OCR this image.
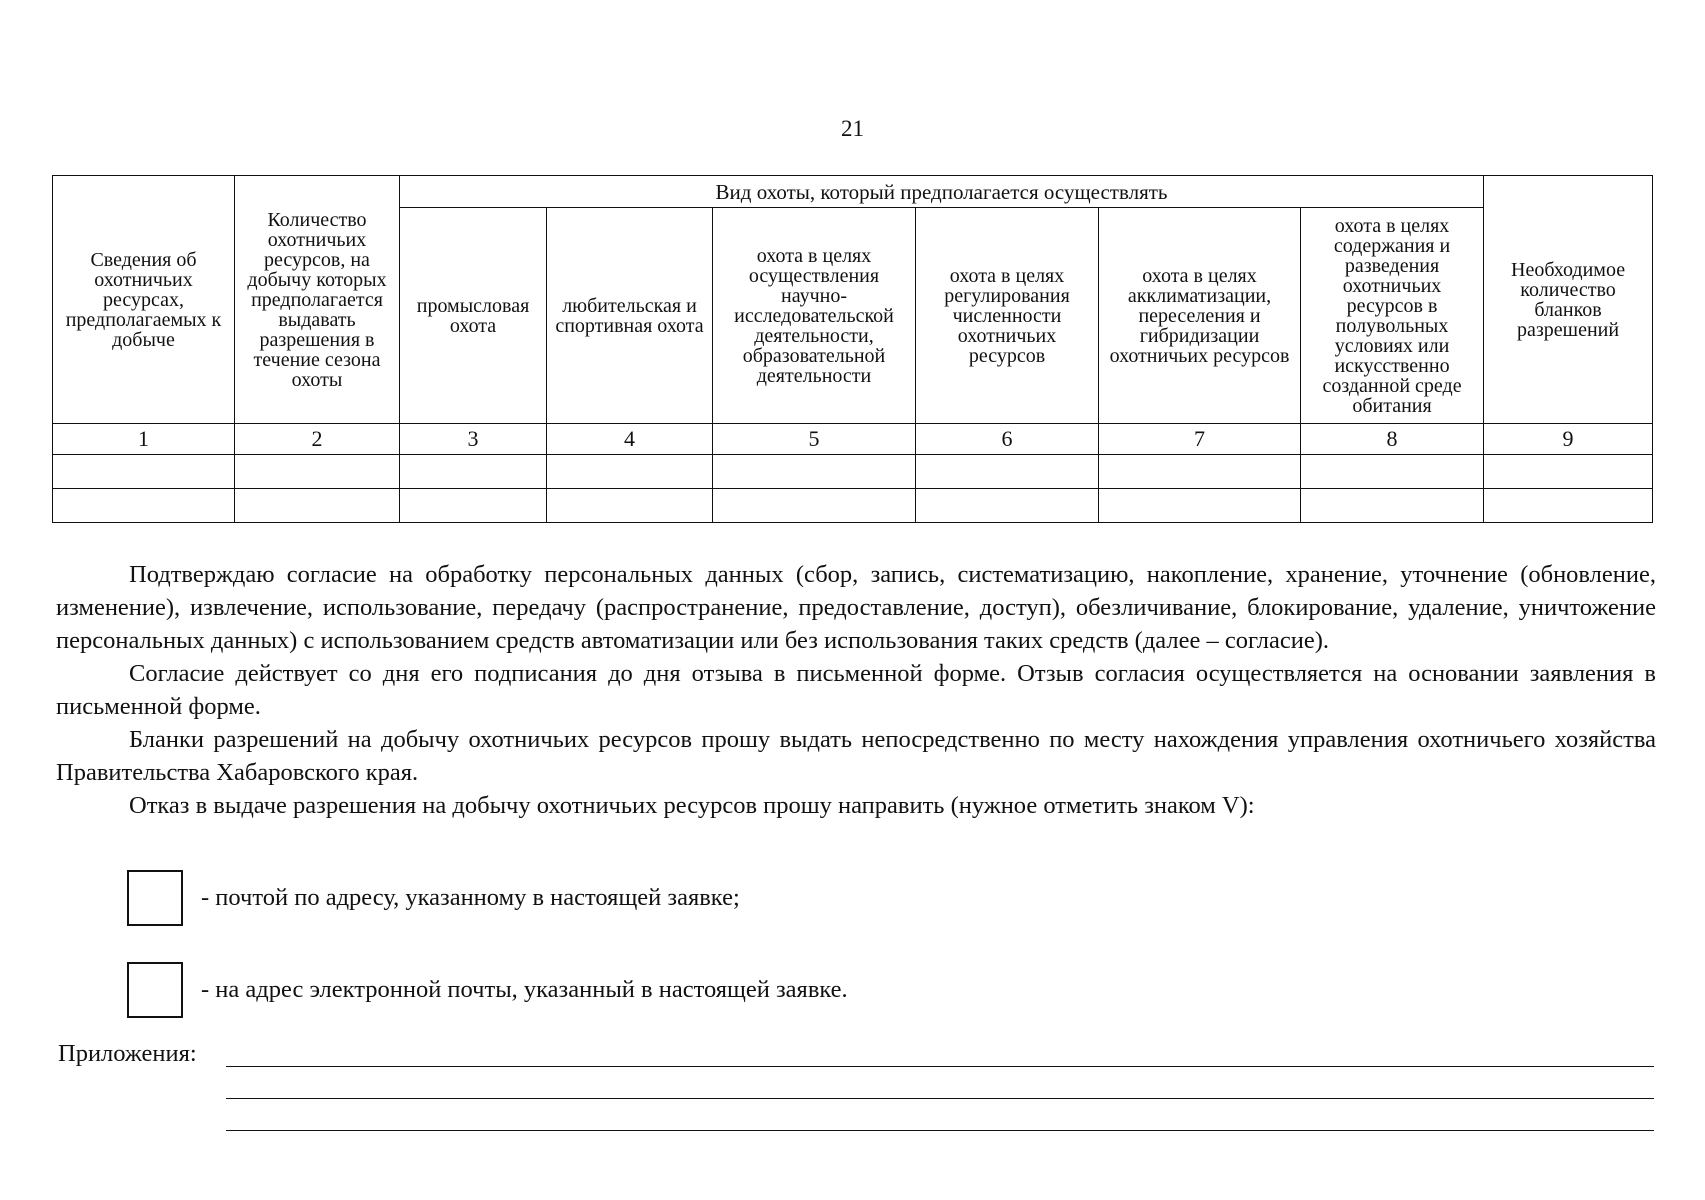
21
Сведения об охотничьих ресурсах, предполагаемых к добыче	Количество охотничьих ресурсов, на добычу которых предполагается выдавать разрешения в течение сезона охоты	Вид охоты, который предполагается осуществлять						Необходимое количество бланков разрешений
		промысловая охота	любительская и спортивная охота	охота в целях осуществления научно-исследовательской деятельности, образовательной деятельности	охота в целях регулирования численности охотничьих ресурсов	охота в целях акклиматизации, переселения и гибридизации охотничьих ресурсов	охота в целях содержания и разведения охотничьих ресурсов в полувольных условиях или искусственно созданной среде обитания	
1	2	3	4	5	6	7	8	9

Подтверждаю согласие на обработку персональных данных (сбор, запись, систематизацию, накопление, хранение, уточнение (обновление, изменение), извлечение, использование, передачу (распространение, предоставление, доступ), обезличивание, блокирование, удаление, уничтожение персональных данных) с использованием средств автоматизации или без использования таких средств (далее – согласие).

Согласие действует со дня его подписания до дня отзыва в письменной форме. Отзыв согласия осуществляется на основании заявления в письменной форме.

Бланки разрешений на добычу охотничьих ресурсов прошу выдать непосредственно по месту нахождения управления охотничьего хозяйства Правительства Хабаровского края.

Отказ в выдаче разрешения на добычу охотничьих ресурсов прошу направить (нужное отметить знаком V):

- почтой по адресу, указанному в настоящей заявке;
- на адрес электронной почты, указанный в настоящей заявке.
Приложения:
